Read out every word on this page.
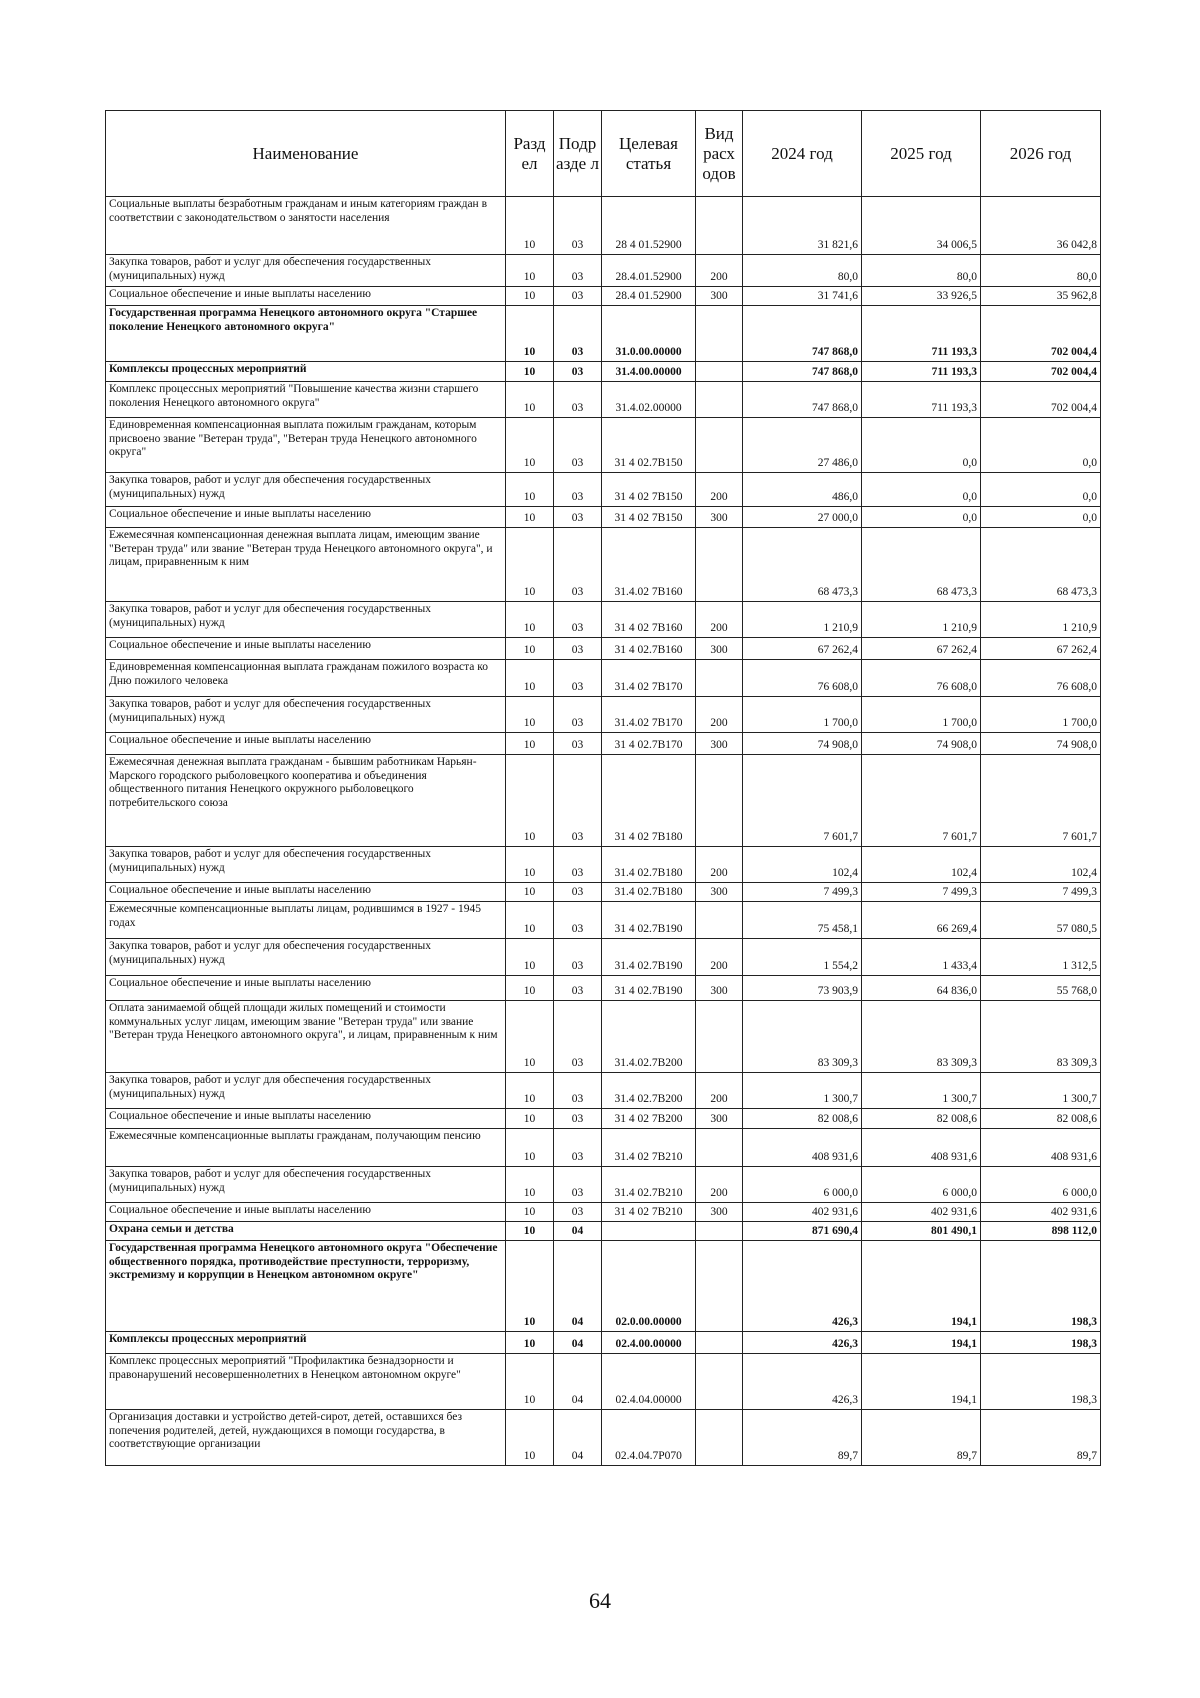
Наименование	Разд ел	Подр азде л	Целевая статья	Вид расх одов	2024 год	2025 год	2026 год
Социальные выплаты безработным гражданам и иным категориям граждан в соответствии с законодательством о занятости населения	10	03	28 4 01.52900		31 821,6	34 006,5	36 042,8
Закупка товаров, работ и услуг для обеспечения государственных (муниципальных) нужд	10	03	28.4.01.52900	200	80,0	80,0	80,0
Социальное обеспечение и иные выплаты населению	10	03	28.4 01.52900	300	31 741,6	33 926,5	35 962,8
Государственная программа Ненецкого автономного округа "Старшее поколение Ненецкого автономного округа"	10	03	31.0.00.00000		747 868,0	711 193,3	702 004,4
Комплексы процессных мероприятий	10	03	31.4.00.00000		747 868,0	711 193,3	702 004,4
Комплекс процессных мероприятий "Повышение качества жизни старшего поколения Ненецкого автономного округа"	10	03	31.4.02.00000		747 868,0	711 193,3	702 004,4
Единовременная компенсационная выплата пожилым гражданам, которым присвоено звание "Ветеран труда", "Ветеран труда Ненецкого автономного округа"	10	03	31 4 02.7B150		27 486,0	0,0	0,0
Закупка товаров, работ и услуг для обеспечения государственных (муниципальных) нужд	10	03	31 4 02 7B150	200	486,0	0,0	0,0
Социальное обеспечение и иные выплаты населению	10	03	31 4 02 7B150	300	27 000,0	0,0	0,0
Ежемесячная компенсационная денежная выплата лицам, имеющим звание "Ветеран труда" или звание "Ветеран труда Ненецкого автономного округа", и лицам, приравненным к ним	10	03	31.4.02 7B160		68 473,3	68 473,3	68 473,3
Закупка товаров, работ и услуг для обеспечения государственных (муниципальных) нужд	10	03	31 4 02 7B160	200	1 210,9	1 210,9	1 210,9
Социальное обеспечение и иные выплаты населению	10	03	31 4 02.7B160	300	67 262,4	67 262,4	67 262,4
Единовременная компенсационная выплата гражданам пожилого возраста ко Дню пожилого человека	10	03	31.4 02 7B170		76 608,0	76 608,0	76 608,0
Закупка товаров, работ и услуг для обеспечения государственных (муниципальных) нужд	10	03	31.4.02 7B170	200	1 700,0	1 700,0	1 700,0
Социальное обеспечение и иные выплаты населению	10	03	31 4 02.7B170	300	74 908,0	74 908,0	74 908,0
Ежемесячная денежная выплата гражданам - бывшим работникам Нарьян-Марского городского рыболовецкого кооператива и объединения общественного питания Ненецкого окружного рыболовецкого потребительского союза	10	03	31 4 02 7B180		7 601,7	7 601,7	7 601,7
Закупка товаров, работ и услуг для обеспечения государственных (муниципальных) нужд	10	03	31.4 02.7B180	200	102,4	102,4	102,4
Социальное обеспечение и иные выплаты населению	10	03	31.4 02.7B180	300	7 499,3	7 499,3	7 499,3
Ежемесячные компенсационные выплаты лицам, родившимся в 1927 - 1945 годах	10	03	31 4 02.7B190		75 458,1	66 269,4	57 080,5
Закупка товаров, работ и услуг для обеспечения государственных (муниципальных) нужд	10	03	31.4 02.7B190	200	1 554,2	1 433,4	1 312,5
Социальное обеспечение и иные выплаты населению	10	03	31 4 02.7B190	300	73 903,9	64 836,0	55 768,0
Оплата занимаемой общей площади жилых помещений и стоимости коммунальных услуг лицам, имеющим звание "Ветеран труда" или звание "Ветеран труда Ненецкого автономного округа", и лицам, приравненным к ним	10	03	31.4.02.7B200		83 309,3	83 309,3	83 309,3
Закупка товаров, работ и услуг для обеспечения государственных (муниципальных) нужд	10	03	31.4 02.7B200	200	1 300,7	1 300,7	1 300,7
Социальное обеспечение и иные выплаты населению	10	03	31 4 02 7B200	300	82 008,6	82 008,6	82 008,6
Ежемесячные компенсационные выплаты гражданам, получающим пенсию	10	03	31.4 02 7B210		408 931,6	408 931,6	408 931,6
Закупка товаров, работ и услуг для обеспечения государственных (муниципальных) нужд	10	03	31.4 02.7B210	200	6 000,0	6 000,0	6 000,0
Социальное обеспечение и иные выплаты населению	10	03	31 4 02 7B210	300	402 931,6	402 931,6	402 931,6
Охрана семьи и детства	10	04			871 690,4	801 490,1	898 112,0
Государственная программа Ненецкого автономного округа "Обеспечение общественного порядка, противодействие преступности, терроризму, экстремизму и коррупции в Ненецком автономном округе"	10	04	02.0.00.00000		426,3	194,1	198,3
Комплексы процессных мероприятий	10	04	02.4.00.00000		426,3	194,1	198,3
Комплекс процессных мероприятий "Профилактика безнадзорности и правонарушений несовершеннолетних в Ненецком автономном округе"	10	04	02.4.04.00000		426,3	194,1	198,3
Организация доставки и устройство детей-сирот, детей, оставшихся без попечения родителей, детей, нуждающихся в помощи государства, в соответствующие организации	10	04	02.4.04.7P070		89,7	89,7	89,7
64
